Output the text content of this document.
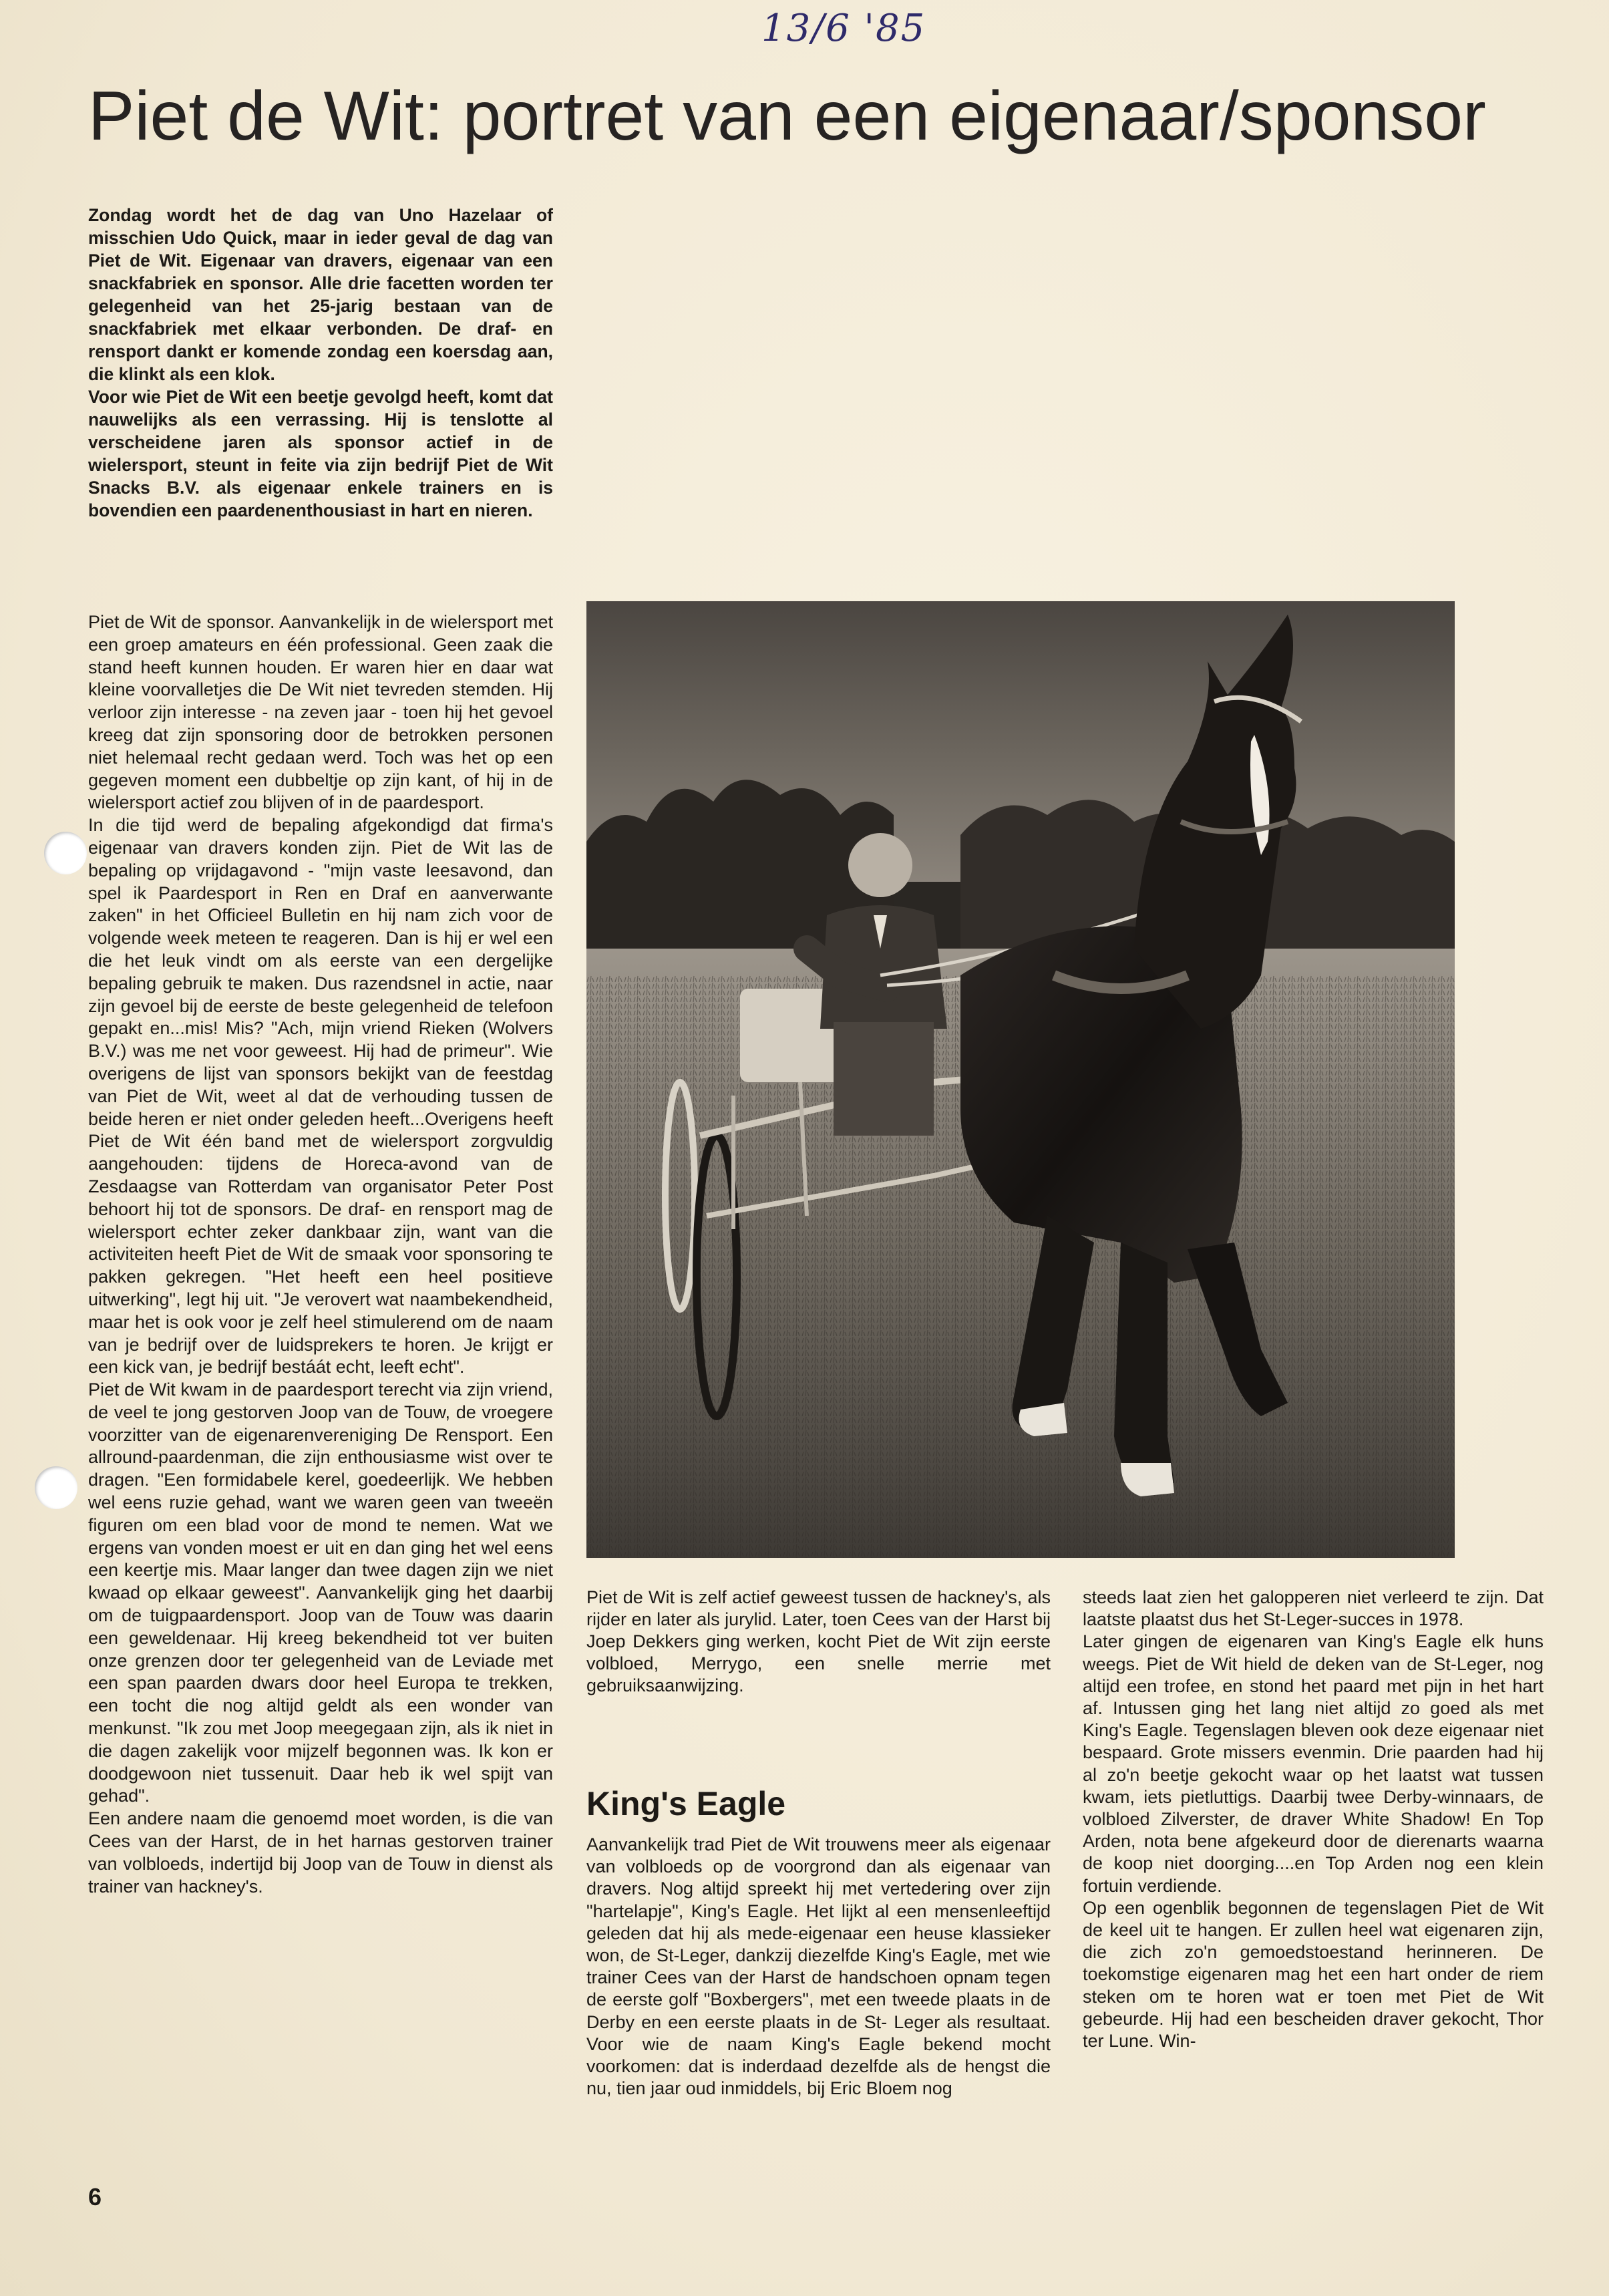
13/6 '85
Piet de Wit: portret van een eigenaar/sponsor

Zondag wordt het de dag van Uno Hazelaar of misschien Udo Quick, maar in ieder geval de dag van Piet de Wit. Eigenaar van dravers, eigenaar van een snackfabriek en sponsor. Alle drie facetten worden ter gelegenheid van het 25-jarig bestaan van de snackfabriek met elkaar verbonden. De draf- en rensport dankt er komende zondag een koersdag aan, die klinkt als een klok.

Voor wie Piet de Wit een beetje gevolgd heeft, komt dat nauwelijks als een verrassing. Hij is tenslotte al verscheidene jaren als sponsor actief in de wielersport, steunt in feite via zijn bedrijf Piet de Wit Snacks B.V. als eigenaar enkele trainers en is bovendien een paardenenthousiast in hart en nieren.

Piet de Wit de sponsor. Aanvankelijk in de wielersport met een groep amateurs en één professional. Geen zaak die stand heeft kunnen houden. Er waren hier en daar wat kleine voorvalletjes die De Wit niet tevreden stemden. Hij verloor zijn interesse - na zeven jaar - toen hij het gevoel kreeg dat zijn sponsoring door de betrokken personen niet helemaal recht gedaan werd. Toch was het op een gegeven moment een dubbeltje op zijn kant, of hij in de wielersport actief zou blijven of in de paardesport.

In die tijd werd de bepaling afgekondigd dat firma's eigenaar van dravers konden zijn. Piet de Wit las de bepaling op vrijdagavond - "mijn vaste leesavond, dan spel ik Paardesport in Ren en Draf en aanverwante zaken" in het Officieel Bulletin en hij nam zich voor de volgende week meteen te reageren. Dan is hij er wel een die het leuk vindt om als eerste van een dergelijke bepaling gebruik te maken. Dus razendsnel in actie, naar zijn gevoel bij de eerste de beste gelegenheid de telefoon gepakt en...mis! Mis? "Ach, mijn vriend Rieken (Wolvers B.V.) was me net voor geweest. Hij had de primeur". Wie overigens de lijst van sponsors bekijkt van de feestdag van Piet de Wit, weet al dat de verhouding tussen de beide heren er niet onder geleden heeft...Overigens heeft Piet de Wit één band met de wielersport zorgvuldig aangehouden: tijdens de Horeca-avond van de Zesdaagse van Rotterdam van organisator Peter Post behoort hij tot de sponsors. De draf- en rensport mag de wielersport echter zeker dankbaar zijn, want van die activiteiten heeft Piet de Wit de smaak voor sponsoring te pakken gekregen. "Het heeft een heel positieve uitwerking", legt hij uit. "Je verovert wat naambekendheid, maar het is ook voor je zelf heel stimulerend om de naam van je bedrijf over de luidsprekers te horen. Je krijgt er een kick van, je bedrijf bestáát echt, leeft echt".

Piet de Wit kwam in de paardesport terecht via zijn vriend, de veel te jong gestorven Joop van de Touw, de vroegere voorzitter van de eigenarenvereniging De Rensport. Een allround-paardenman, die zijn enthousiasme wist over te dragen. "Een formidabele kerel, goedeerlijk. We hebben wel eens ruzie gehad, want we waren geen van tweeën figuren om een blad voor de mond te nemen. Wat we ergens van vonden moest er uit en dan ging het wel eens een keertje mis. Maar langer dan twee dagen zijn we niet kwaad op elkaar geweest". Aanvankelijk ging het daarbij om de tuigpaardensport. Joop van de Touw was daarin een geweldenaar. Hij kreeg bekendheid tot ver buiten onze grenzen door ter gelegenheid van de Leviade met een span paarden dwars door heel Europa te trekken, een tocht die nog altijd geldt als een wonder van menkunst. "Ik zou met Joop meegegaan zijn, als ik niet in die dagen zakelijk voor mijzelf begonnen was. Ik kon er doodgewoon niet tussenuit. Daar heb ik wel spijt van gehad".

Een andere naam die genoemd moet worden, is die van Cees van der Harst, de in het harnas gestorven trainer van volbloeds, indertijd bij Joop van de Touw in dienst als trainer van hackney's.

Piet de Wit is zelf actief geweest tussen de hackney's, als rijder en later als jurylid. Later, toen Cees van der Harst bij Joep Dekkers ging werken, kocht Piet de Wit zijn eerste volbloed, Merrygo, een snelle merrie met gebruiksaanwijzing.
King's Eagle

Aanvankelijk trad Piet de Wit trouwens meer als eigenaar van volbloeds op de voorgrond dan als eigenaar van dravers. Nog altijd spreekt hij met vertedering over zijn "hartelapje", King's Eagle. Het lijkt al een mensenleeftijd geleden dat hij als mede-eigenaar een heuse klassieker won, de St-Leger, dankzij diezelfde King's Eagle, met wie trainer Cees van der Harst de handschoen opnam tegen de eerste golf "Boxbergers", met een tweede plaats in de Derby en een eerste plaats in de St- Leger als resultaat. Voor wie de naam King's Eagle bekend mocht voorkomen: dat is inderdaad dezelfde als de hengst die nu, tien jaar oud inmiddels, bij Eric Bloem nog

steeds laat zien het galopperen niet verleerd te zijn. Dat laatste plaatst dus het St-Leger-succes in 1978.

Later gingen de eigenaren van King's Eagle elk huns weegs. Piet de Wit hield de deken van de St-Leger, nog altijd een trofee, en stond het paard met pijn in het hart af. Intussen ging het lang niet altijd zo goed als met King's Eagle. Tegenslagen bleven ook deze eigenaar niet bespaard. Grote missers evenmin. Drie paarden had hij al zo'n beetje gekocht waar op het laatst wat tussen kwam, iets pietluttigs. Daarbij twee Derby-winnaars, de volbloed Zilverster, de draver White Shadow! En Top Arden, nota bene afgekeurd door de dierenarts waarna de koop niet doorging....en Top Arden nog een klein fortuin verdiende.

Op een ogenblik begonnen de tegenslagen Piet de Wit de keel uit te hangen. Er zullen heel wat eigenaren zijn, die zich zo'n gemoedstoestand herinneren. De toekomstige eigenaren mag het een hart onder de riem steken om te horen wat er toen met Piet de Wit gebeurde. Hij had een bescheiden draver gekocht, Thor ter Lune. Win-

6
